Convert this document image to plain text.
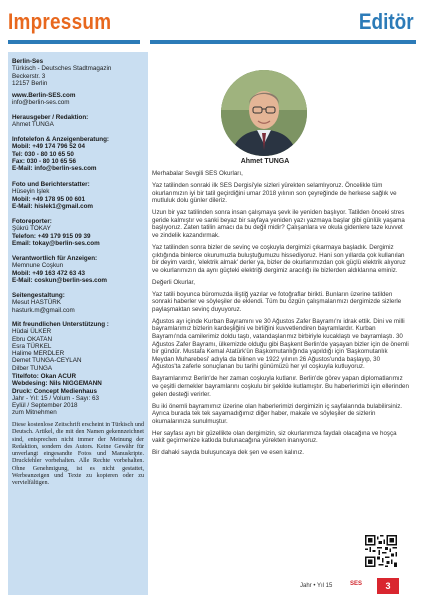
Impressum	Editör
Berlin-Ses
Türkisch - Deutsches Stadtmagazin
Beckerstr. 3
12157 Berlin
www.Berlin-SES.com
info@berlin-ses.com
Herausgeber / Redaktion:
Ahmet TUNGA
Infotelefon & Anzeigenberatung:
Mobil: +49 174 796 52 04
Tel: 030 - 80 10 65 50
Fax: 030 - 80 10 65 56
E-Mail: info@berlin-ses.com
Foto und Berichterstatter:
Hüseyin Işlek
Mobil: +49 178 95 00 601
E-Mail: hislek1@gmail.com
Fotoreporter:
Şükrü TOKAY
Telefon: +49 179 915 09 39
Email: tokay@berlin-ses.com
Verantwortlich für Anzeigen:
Memnune Coşkun
Mobil: +49 163 472 63 43
E-Mail: coskun@berlin-ses.com
Seitengestaltung:
Mesut HASTÜRK
hasturk.m@gmail.com
Mit freundlichen Unterstützung :
Hüdai ÜLKER
Ebru OKATAN
Esra TÜRKEL
Halime MERDLER
Demet TUNGA-CEYLAN
Dilber TUNGA
Titelfoto: Okan ACUR
Webdesing: Nils NIGGEMANN
Druck: Concept Medienhaus
Jahr - Yıl: 15 / Volum - Sayı: 63
Eylül / September 2018
zum Mitnehmen
Diese kostenlose Zeitschrift erscheint in Türkisch und Deutsch. Artikel, die mit den Namen gekennzeichnet sind, entsprechen nicht immer der Meinung der Redaktion, sondern des Autors. Keine Gewähr für unverlangt eingesandte Fotos und Manuskripte. Druckfehler vorbehalten. Alle Rechte vorbehalten. Ohne Genehmigung, ist es nicht gestattet, Werbeanzeigen und Texte zu kopieren oder zu vervielfältigen.
Ahmet TUNGA

Merhabalar Sevgili SES Okurları,

Yaz tatilinden sonraki ilk SES Dergisi'yle sizleri yürekten selamlıyoruz. Öncelikle tüm okurlarımızın iyi bir tatil geçirdiğini umar 2018 yılının son çeyreğinde de herkese sağlık ve mutluluk dolu günler dileriz.

Uzun bir yaz tatilinden sonra insan çalışmaya şevk ile yeniden başlıyor. Tatilden önceki stres geride kalmıştır ve sanki beyaz bir sayfaya yeniden yazı yazmaya başlar gibi günlük yaşama başlıyoruz. Zaten tatilin amacı da bu değil midir? Çalışanlara ve okula gidenlere taze kuvvet ve zindelik kazandırmak.

Yaz tatilinden sonra bizler de sevinç ve coşkuyla dergimizi çıkarmaya başladık. Dergimiz çıktığında binlerce okurumuzla buluştuğumuzu hissediyoruz. Hani son yıllarda çok kullanılan bir deyim vardır, 'elektrik almak' derler ya, bizler de okurlarımızdan çok güçlü elektrik alıyoruz ve okurlarımızın da aynı güçteki elektriği dergimiz aracılığı ile bizlerden aldıklarına eminiz.

Değerli Okurlar,

Yaz tatili boyunca büromuzda iliştiğ yazılar ve fotoğraflar birikti. Bunların üzerine tatilden sonraki haberler ve söyleşiler de eklendi. Tüm bu özgün çalışmalarımızı dergimizde sizlerle paylaşmaktan sevinç duyuyoruz.

Ağustos ayı içinde Kurban Bayramını ve 30 Ağustos Zafer Bayramı'nı idrak ettik. Dini ve milli bayramlarımız bizlerin kardeşliğini ve birliğini kuvvetlendiren bayramlardır. Kurban Bayramı'nda camilerimiz doldu taştı, vatandaşlarımız birbiriyle kucaklaştı ve bayramlaştı. 30 Ağustos Zafer Bayramı, ülkemizde olduğu gibi Başkent Berlin'de yaşayan bizler için de önemli bir gündür. Mustafa Kemal Atatürk'ün Başkomutanlığında yapıldığı için 'Başkomutanlık Meydan Muharebesi' adıyla da bilinen ve 1922 yılının 26 Ağustos'unda başlayıp, 30 Ağustos'ta zaferle sonuçlanan bu tarihi günümüzü her yıl coşkuyla kutluyoruz.

Bayramlarımız Berlin'de her zaman coşkuyla kutlanır. Berlin'de görev yapan diplomatlarımız ve çeşitli dernekler bayramlarını coşkulu bir şekilde kutlamıştır. Bu haberlerimizi için ellerinden gelen desteği verirler.

Bu iki önemli bayramımız üzerine olan haberlerimizi dergimizin iç sayfalarında bulabilirsiniz. Ayrıca burada tek tek sayamadığımız diğer haber, makale ve söyleşiler de sizlerin okumalarınıza sunulmuştur.

Her sayfası ayrı bir güzellikte olan dergimizin, siz okurlarımıza faydalı olacağına ve hoşça vakit geçirmenize katkıda bulunacağına yürekten inanıyoruz.

Bir dahaki sayıda buluşuncaya dek şen ve esen kalınız.

Jahr • Yıl 15	SES	3
